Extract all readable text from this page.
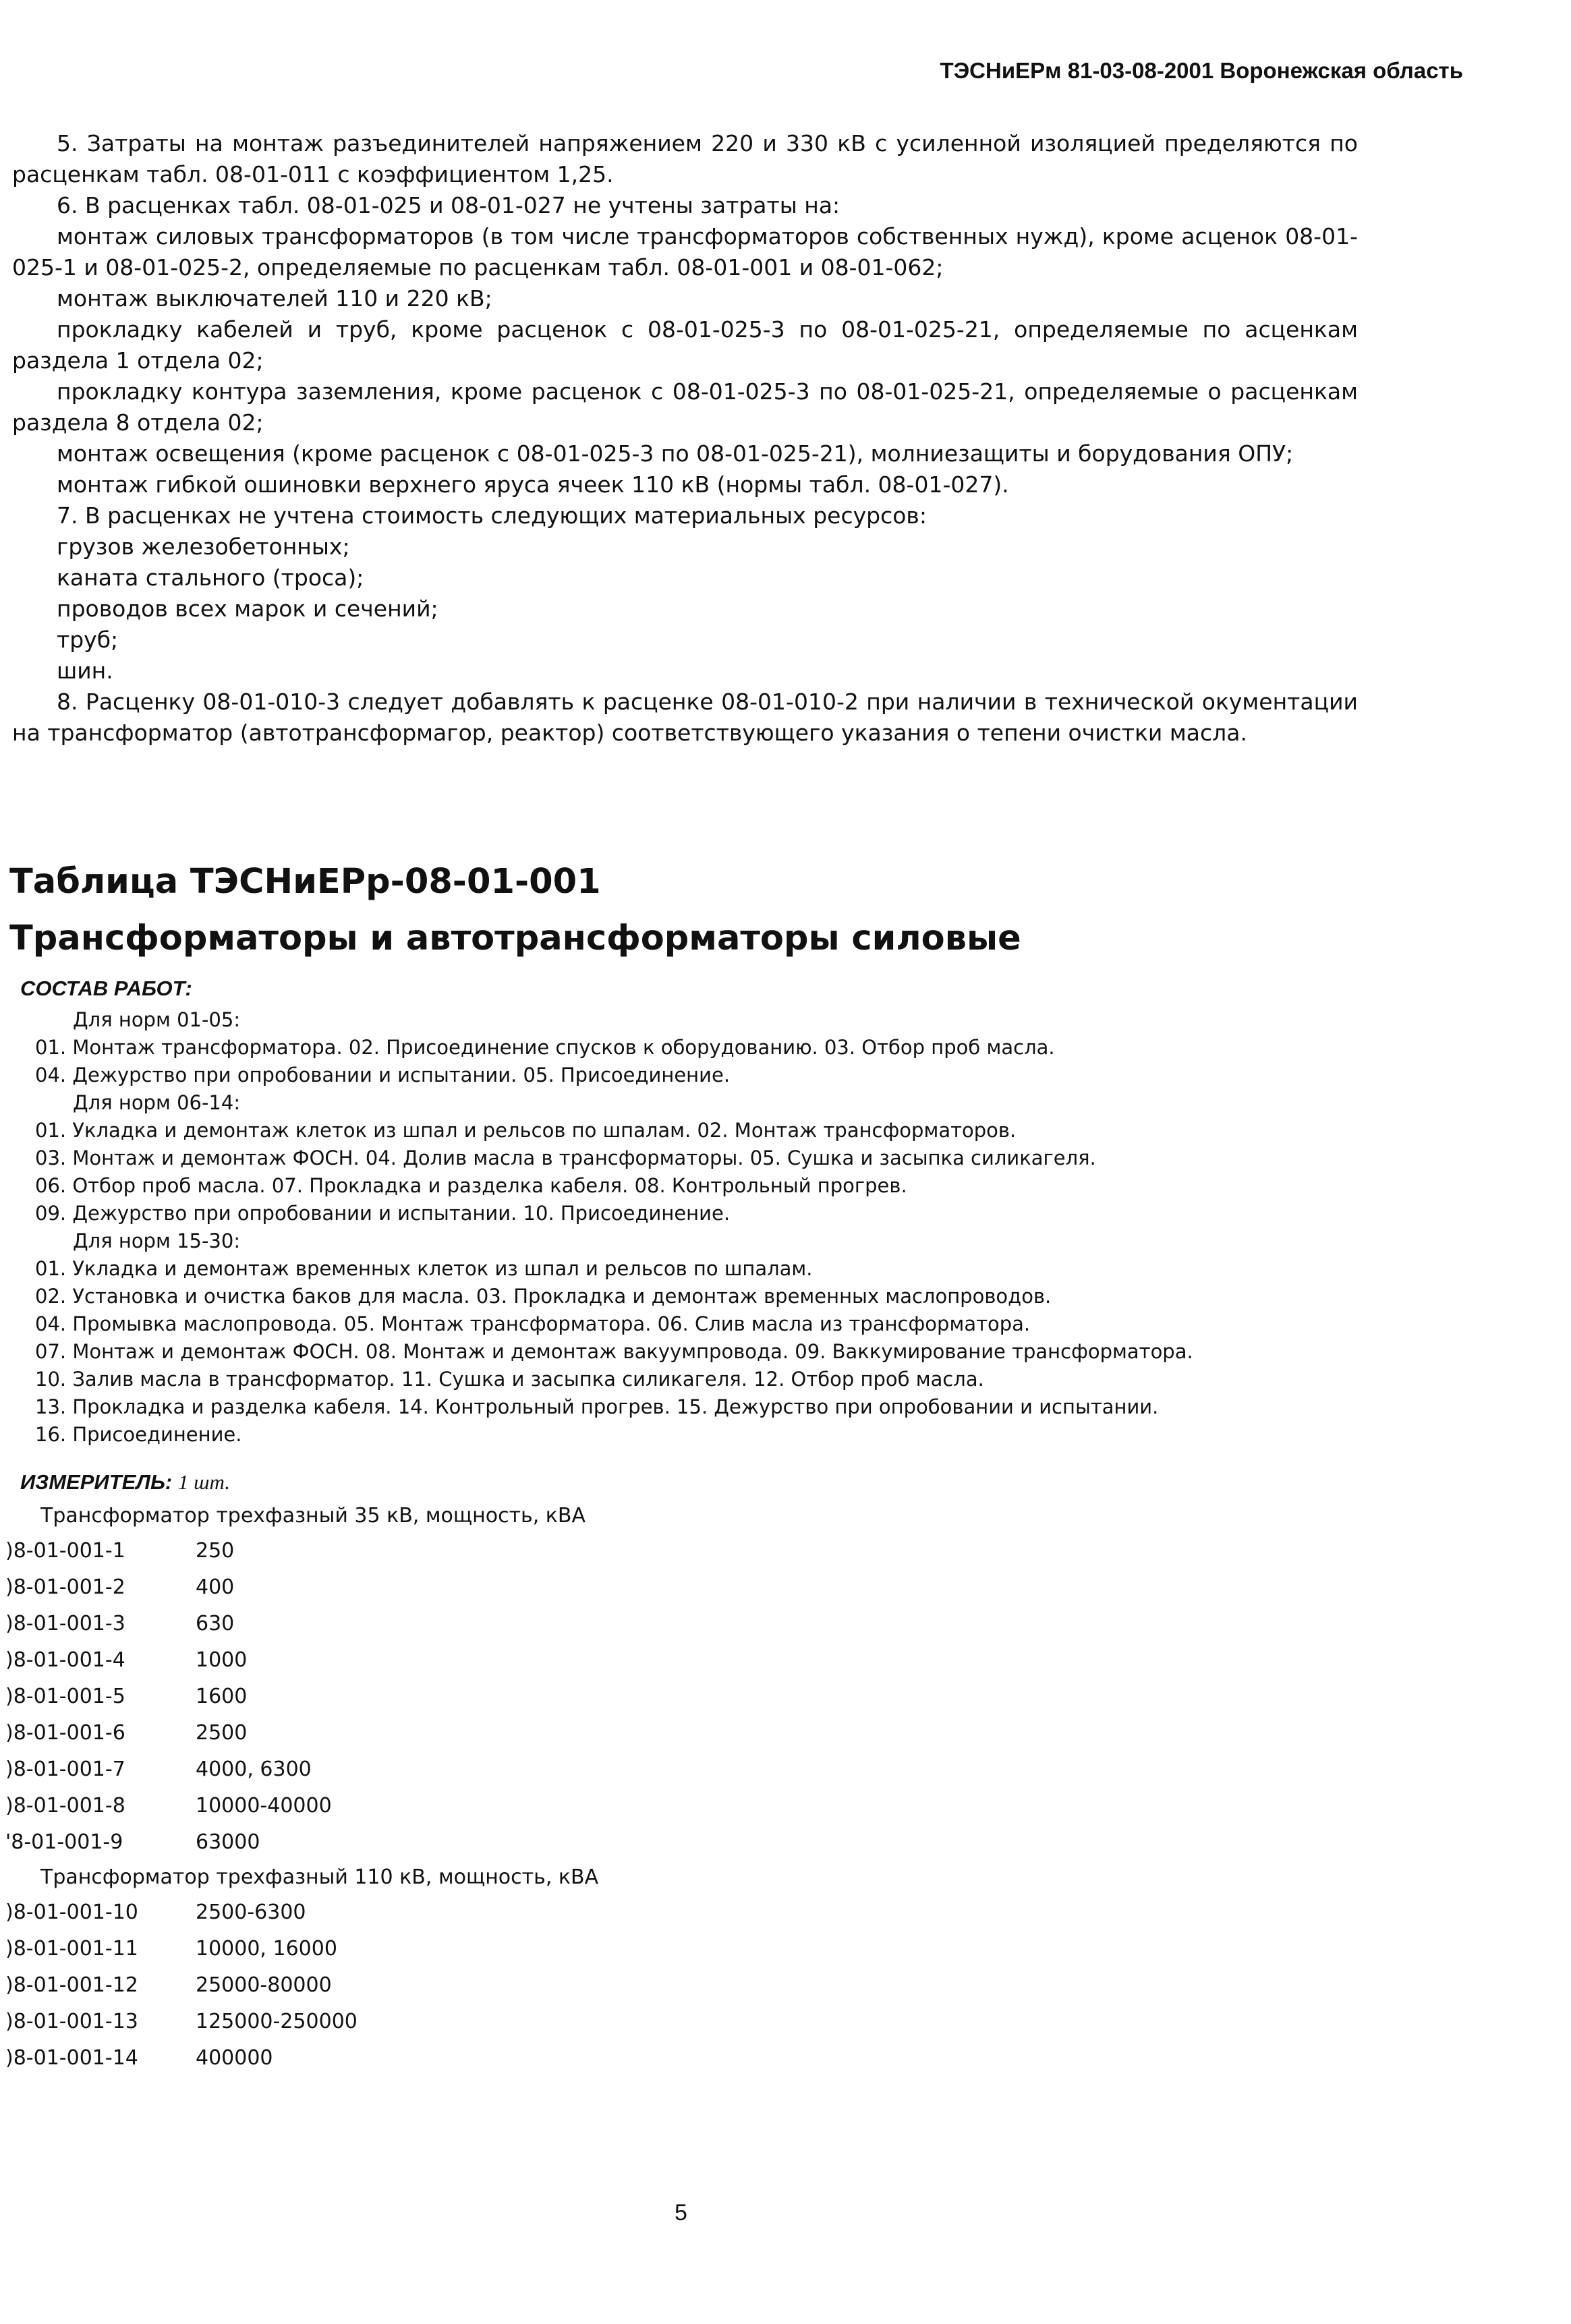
ТЭСНиЕРм 81-03-08-2001 Воронежская область

5. Затраты на монтаж разъединителей напряжением 220 и 330 кВ с усиленной изоляцией пределяются по расценкам табл. 08-01-011 с коэффициентом 1,25.

6. В расценках табл. 08-01-025 и 08-01-027 не учтены затраты на:

монтаж силовых трансформаторов (в том числе трансформаторов собственных нужд), кроме асценок 08-01-025-1 и 08-01-025-2, определяемые по расценкам табл. 08-01-001 и 08-01-062;

монтаж выключателей 110 и 220 кВ;

прокладку кабелей и труб, кроме расценок с 08-01-025-3 по 08-01-025-21, определяемые по асценкам раздела 1 отдела 02;

прокладку контура заземления, кроме расценок с 08-01-025-3 по 08-01-025-21, определяемые о расценкам раздела 8 отдела 02;

монтаж освещения (кроме расценок с 08-01-025-3 по 08-01-025-21), молниезащиты и борудования ОПУ;

монтаж гибкой ошиновки верхнего яруса ячеек 110 кВ (нормы табл. 08-01-027).

7. В расценках не учтена стоимость следующих материальных ресурсов:

грузов железобетонных;

каната стального (троса);

проводов всех марок и сечений;

труб;

шин.

8. Расценку 08-01-010-3 следует добавлять к расценке 08-01-010-2 при наличии в технической окументации на трансформатор (автотрансформагор, реактор) соответствующего указания о тепени очистки масла.

Таблица ТЭСНиЕРр-08-01-001
Трансформаторы и автотрансформаторы силовые
СОСТАВ РАБОТ:
Для норм 01-05:
01. Монтаж трансформатора. 02. Присоединение спусков к оборудованию. 03. Отбор проб масла.
04. Дежурство при опробовании и испытании. 05. Присоединение.
Для норм 06-14:
01. Укладка и демонтаж клеток из шпал и рельсов по шпалам. 02. Монтаж трансформаторов.
03. Монтаж и демонтаж ФОСН. 04. Долив масла в трансформаторы. 05. Сушка и засыпка силикагеля.
06. Отбор проб масла. 07. Прокладка и разделка кабеля. 08. Контрольный прогрев.
09. Дежурство при опробовании и испытании. 10. Присоединение.
Для норм 15-30:
01. Укладка и демонтаж временных клеток из шпал и рельсов по шпалам.
02. Установка и очистка баков для масла. 03. Прокладка и демонтаж временных маслопроводов.
04. Промывка маслопровода. 05. Монтаж трансформатора. 06. Слив масла из трансформатора.
07. Монтаж и демонтаж ФОСН. 08. Монтаж и демонтаж вакуумпровода. 09. Ваккумирование трансформатора.
10. Залив масла в трансформатор. 11. Сушка и засыпка силикагеля. 12. Отбор проб масла.
13. Прокладка и разделка кабеля. 14. Контрольный прогрев. 15. Дежурство при опробовании и испытании.
16. Присоединение.
ИЗМЕРИТЕЛЬ: 1 шт.
Трансформатор трехфазный 35 кВ, мощность, кВА
)8-01-001-1	250
)8-01-001-2	400
)8-01-001-3	630
)8-01-001-4	1000
)8-01-001-5	1600
)8-01-001-6	2500
)8-01-001-7	4000, 6300
)8-01-001-8	10000-40000
'8-01-001-9	63000
Трансформатор трехфазный 110 кВ, мощность, кВА
)8-01-001-10	2500-6300
)8-01-001-11	10000, 16000
)8-01-001-12	25000-80000
)8-01-001-13	125000-250000
)8-01-001-14	400000
5
